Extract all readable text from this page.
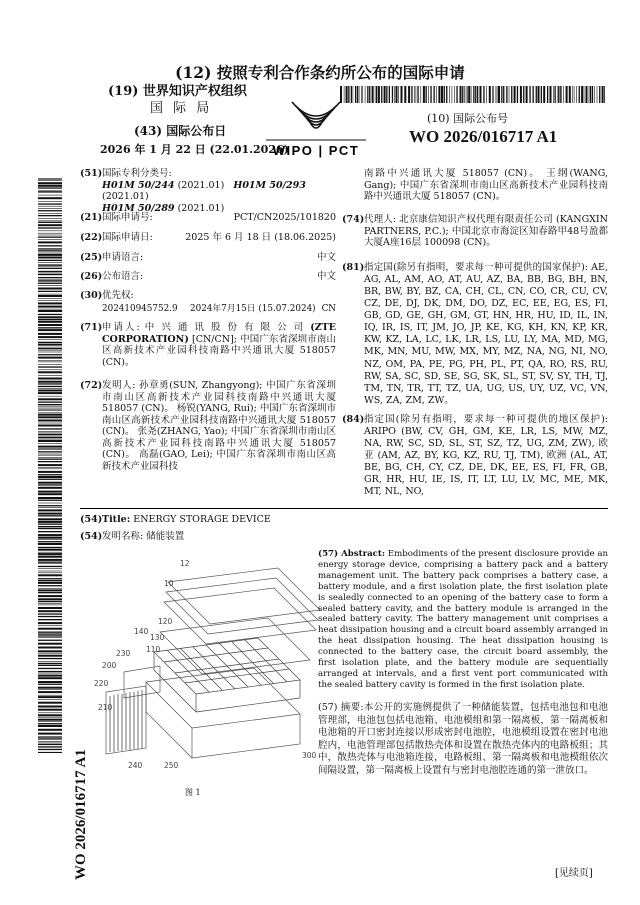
(12) 按照专利合作条约所公布的国际申请
(19) 世界知识产权组织
国 际 局
(43) 国际公布日
2026 年 1 月 22 日 (22.01.2026)
(10) 国际公布号
WO 2026/016717 A1
WIPO | PCT
WO 2026/016717 A1
(51) 国际专利分类号:
H01M 50/244 (2021.01) H01M 50/293 (2021.01)
H01M 50/289 (2021.01)
(21) 国际申请号:	PCT/CN2025/101820
(22) 国际申请日:	2025 年 6 月 18 日 (18.06.2025)
(25) 申请语言:	中文
(26) 公布语言:	中文
(30) 优先权:
202410945752.9 2024年7月15日 (15.07.2024) CN
(71) 申请人: 中 兴 通 讯 股 份 有 限 公 司 (ZTE CORPORATION) [CN/CN]; 中国广东省深圳市南山区高新技术产业园科技南路中兴通讯大厦 518057 (CN)。
(72) 发明人: 孙章勇(SUN, Zhangyong); 中国广东省深圳市南山区高新技术产业园科技南路中兴通讯大厦 518057 (CN)。 杨锐(YANG, Rui); 中国广东省深圳市南山区高新技术产业园科技南路中兴通讯大厦 518057 (CN)。 张尧(ZHANG, Yao); 中国广东省深圳市南山区高新技术产业园科技南路中兴通讯大厦 518057 (CN)。 高磊(GAO, Lei); 中国广东省深圳市南山区高新技术产业园科技
南路中兴通讯大厦 518057 (CN)。 王纲(WANG, Gang); 中国广东省深圳市南山区高新技术产业园科技南路中兴通讯大厦 518057 (CN)。
(74) 代理人: 北京康信知识产权代理有限责任公司 (KANGXIN PARTNERS, P.C.); 中国北京市海淀区知春路甲48号盈都大厦A座16层 100098 (CN)。
(81) 指定国(除另有指明，要求每一种可提供的国家保护): AE, AG, AL, AM, AO, AT, AU, AZ, BA, BB, BG, BH, BN, BR, BW, BY, BZ, CA, CH, CL, CN, CO, CR, CU, CV, CZ, DE, DJ, DK, DM, DO, DZ, EC, EE, EG, ES, FI, GB, GD, GE, GH, GM, GT, HN, HR, HU, ID, IL, IN, IQ, IR, IS, IT, JM, JO, JP, KE, KG, KH, KN, KP, KR, KW, KZ, LA, LC, LK, LR, LS, LU, LY, MA, MD, MG, MK, MN, MU, MW, MX, MY, MZ, NA, NG, NI, NO, NZ, OM, PA, PE, PG, PH, PL, PT, QA, RO, RS, RU, RW, SA, SC, SD, SE, SG, SK, SL, ST, SV, SY, TH, TJ, TM, TN, TR, TT, TZ, UA, UG, US, UY, UZ, VC, VN, WS, ZA, ZM, ZW。
(84) 指定国(除另有指明，要求每一种可提供的地区保护): ARIPO (BW, CV, GH, GM, KE, LR, LS, MW, MZ, NA, RW, SC, SD, SL, ST, SZ, TZ, UG, ZM, ZW), 欧亚 (AM, AZ, BY, KG, KZ, RU, TJ, TM), 欧洲 (AL, AT, BE, BG, CH, CY, CZ, DE, DK, EE, ES, FI, FR, GB, GR, HR, HU, IE, IS, IT, LT, LU, LV, MC, ME, MK, MT, NL, NO,
(54) Title: ENERGY STORAGE DEVICE
(54) 发明名称: 储能装置
12
10
120
130
140
110
230
200
220
210
240	250
300
图 1
(57) Abstract: Embodiments of the present disclosure provide an energy storage device, comprising a battery pack and a battery management unit. The battery pack comprises a battery case, a battery module, and a first isolation plate, the first isolation plate is sealedly connected to an opening of the battery case to form a sealed battery cavity, and the battery module is arranged in the sealed battery cavity. The battery management unit comprises a heat dissipation housing and a circuit board assembly arranged in the heat dissipation housing. The heat dissipation housing is connected to the battery case, the circuit board assembly, the first isolation plate, and the battery module are sequentially arranged at intervals, and a first vent port communicated with the sealed battery cavity is formed in the first isolation plate.
(57) 摘要:本公开的实施例提供了一种储能装置，包括电池包和电池管理部，电池包包括电池箱、电池模组和第一隔离板，第一隔离板和电池箱的开口密封连接以形成密封电池腔，电池模组设置在密封电池腔内，电池管理部包括散热壳体和设置在散热壳体内的电路板组；其中，散热壳体与电池箱连接，电路板组、第一隔离板和电池模组依次间隔设置，第一隔离板上设置有与密封电池腔连通的第一泄放口。
[见续页]
